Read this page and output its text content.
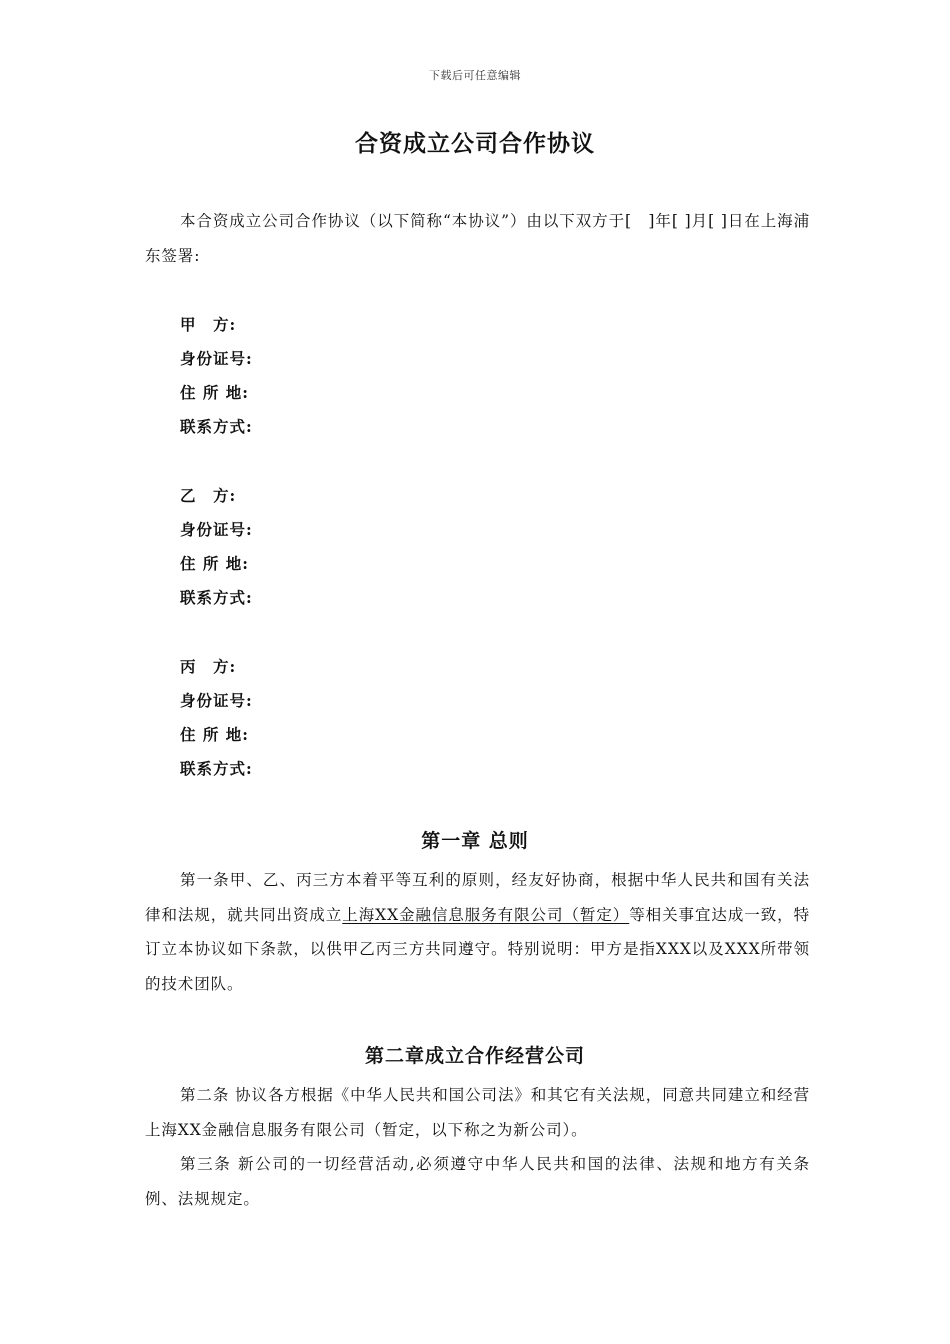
下载后可任意编辑
合资成立公司合作协议
本合资成立公司合作协议（以下简称“本协议”）由以下双方于[　]年[ ]月[ ]日在上海浦东签署:
甲　方:
身份证号:
住 所 地:
联系方式:
乙　方:
身份证号:
住 所 地:
联系方式:
丙　方:
身份证号:
住 所 地:
联系方式:
第一章 总则
第一条甲、乙、丙三方本着平等互利的原则，经友好协商，根据中华人民共和国有关法律和法规，就共同出资成立上海XX金融信息服务有限公司（暂定）等相关事宜达成一致，特订立本协议如下条款，以供甲乙丙三方共同遵守。特别说明：甲方是指XXX以及XXX所带领的技术团队。
第二章成立合作经营公司
第二条 协议各方根据《中华人民共和国公司法》和其它有关法规，同意共同建立和经营上海XX金融信息服务有限公司（暂定，以下称之为新公司）。
第三条 新公司的一切经营活动,必须遵守中华人民共和国的法律、法规和地方有关条例、法规规定。
